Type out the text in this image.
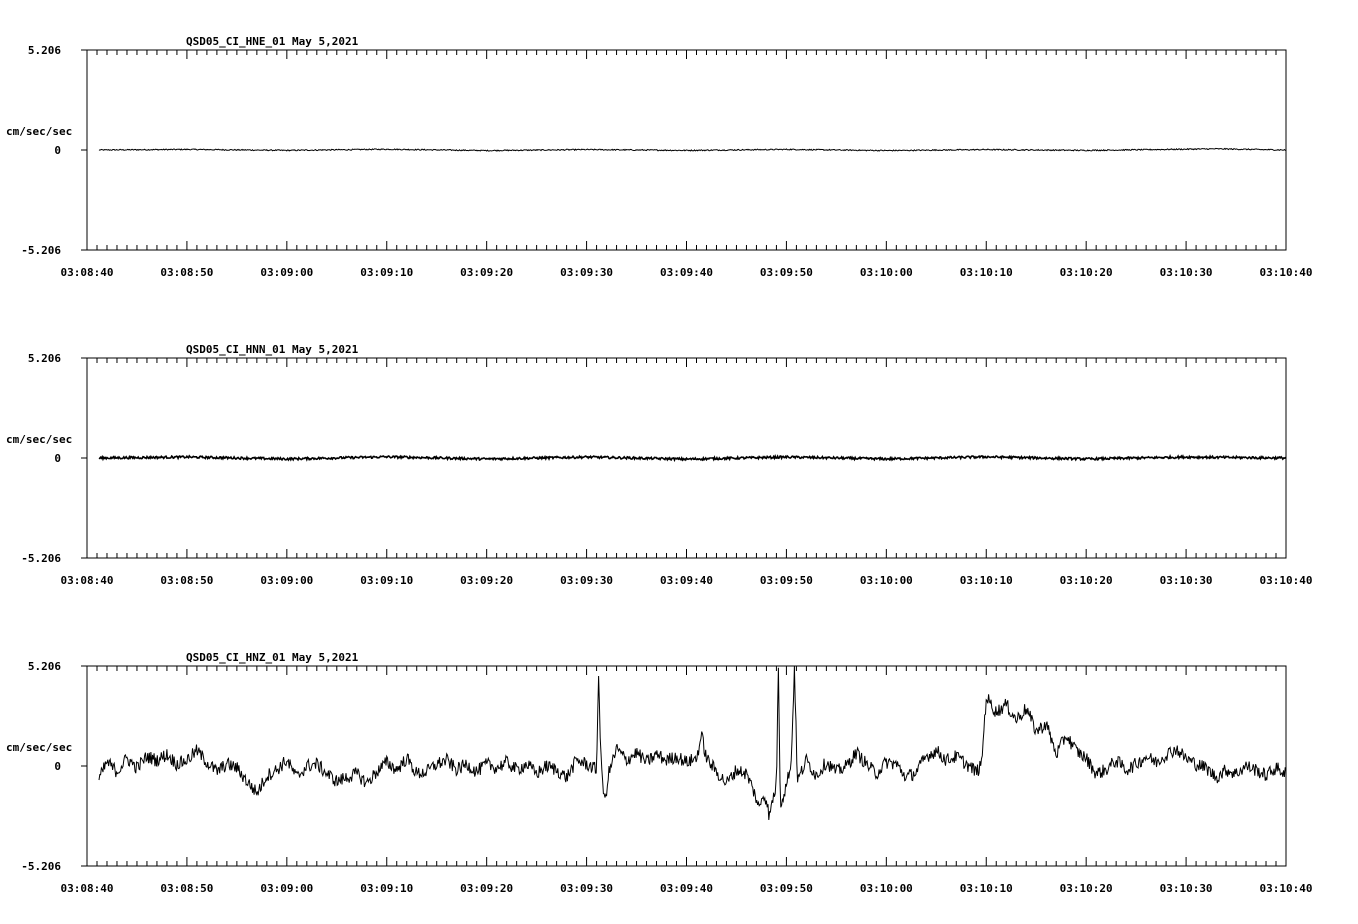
5.206
0
-5.206
cm/sec/sec
QSD05_CI_HNE_01 May 5,2021
03:08:40	03:08:50	03:09:00	03:09:10	03:09:20	03:09:30	03:09:40	03:09:50	03:10:00	03:10:10	03:10:20	03:10:30	03:10:40
5.206
0
-5.206
cm/sec/sec
QSD05_CI_HNN_01 May 5,2021
03:08:40	03:08:50	03:09:00	03:09:10	03:09:20	03:09:30	03:09:40	03:09:50	03:10:00	03:10:10	03:10:20	03:10:30	03:10:40
5.206
0
-5.206
cm/sec/sec
QSD05_CI_HNZ_01 May 5,2021
03:08:40	03:08:50	03:09:00	03:09:10	03:09:20	03:09:30	03:09:40	03:09:50	03:10:00	03:10:10	03:10:20	03:10:30	03:10:40
